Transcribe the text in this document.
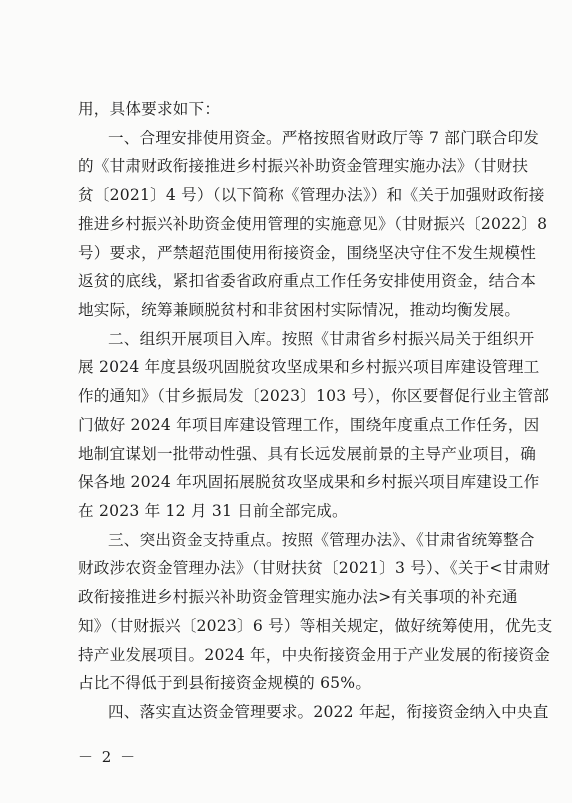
用，具体要求如下：
一、合理安排使用资金。严格按照省财政厅等 7 部门联合印发
的《甘肃财政衔接推进乡村振兴补助资金管理实施办法》（甘财扶
贫〔2021〕4 号）（以下简称《管理办法》）和《关于加强财政衔接
推进乡村振兴补助资金使用管理的实施意见》（甘财振兴〔2022〕8
号）要求，严禁超范围使用衔接资金，围绕坚决守住不发生规模性
返贫的底线，紧扣省委省政府重点工作任务安排使用资金，结合本
地实际，统筹兼顾脱贫村和非贫困村实际情况，推动均衡发展。
二、组织开展项目入库。按照《甘肃省乡村振兴局关于组织开
展 2024 年度县级巩固脱贫攻坚成果和乡村振兴项目库建设管理工
作的通知》（甘乡振局发〔2023〕103 号），你区要督促行业主管部
门做好 2024 年项目库建设管理工作，围绕年度重点工作任务，因
地制宜谋划一批带动性强、具有长远发展前景的主导产业项目，确
保各地 2024 年巩固拓展脱贫攻坚成果和乡村振兴项目库建设工作
在 2023 年 12 月 31 日前全部完成。
三、突出资金支持重点。按照《管理办法》、《甘肃省统筹整合
财政涉农资金管理办法》（甘财扶贫〔2021〕3 号）、《关于<甘肃财
政衔接推进乡村振兴补助资金管理实施办法>有关事项的补充通
知》（甘财振兴〔2023〕6 号）等相关规定，做好统筹使用，优先支
持产业发展项目。2024 年，中央衔接资金用于产业发展的衔接资金
占比不得低于到县衔接资金规模的 65%。
四、落实直达资金管理要求。2022 年起，衔接资金纳入中央直
－ 2 －
